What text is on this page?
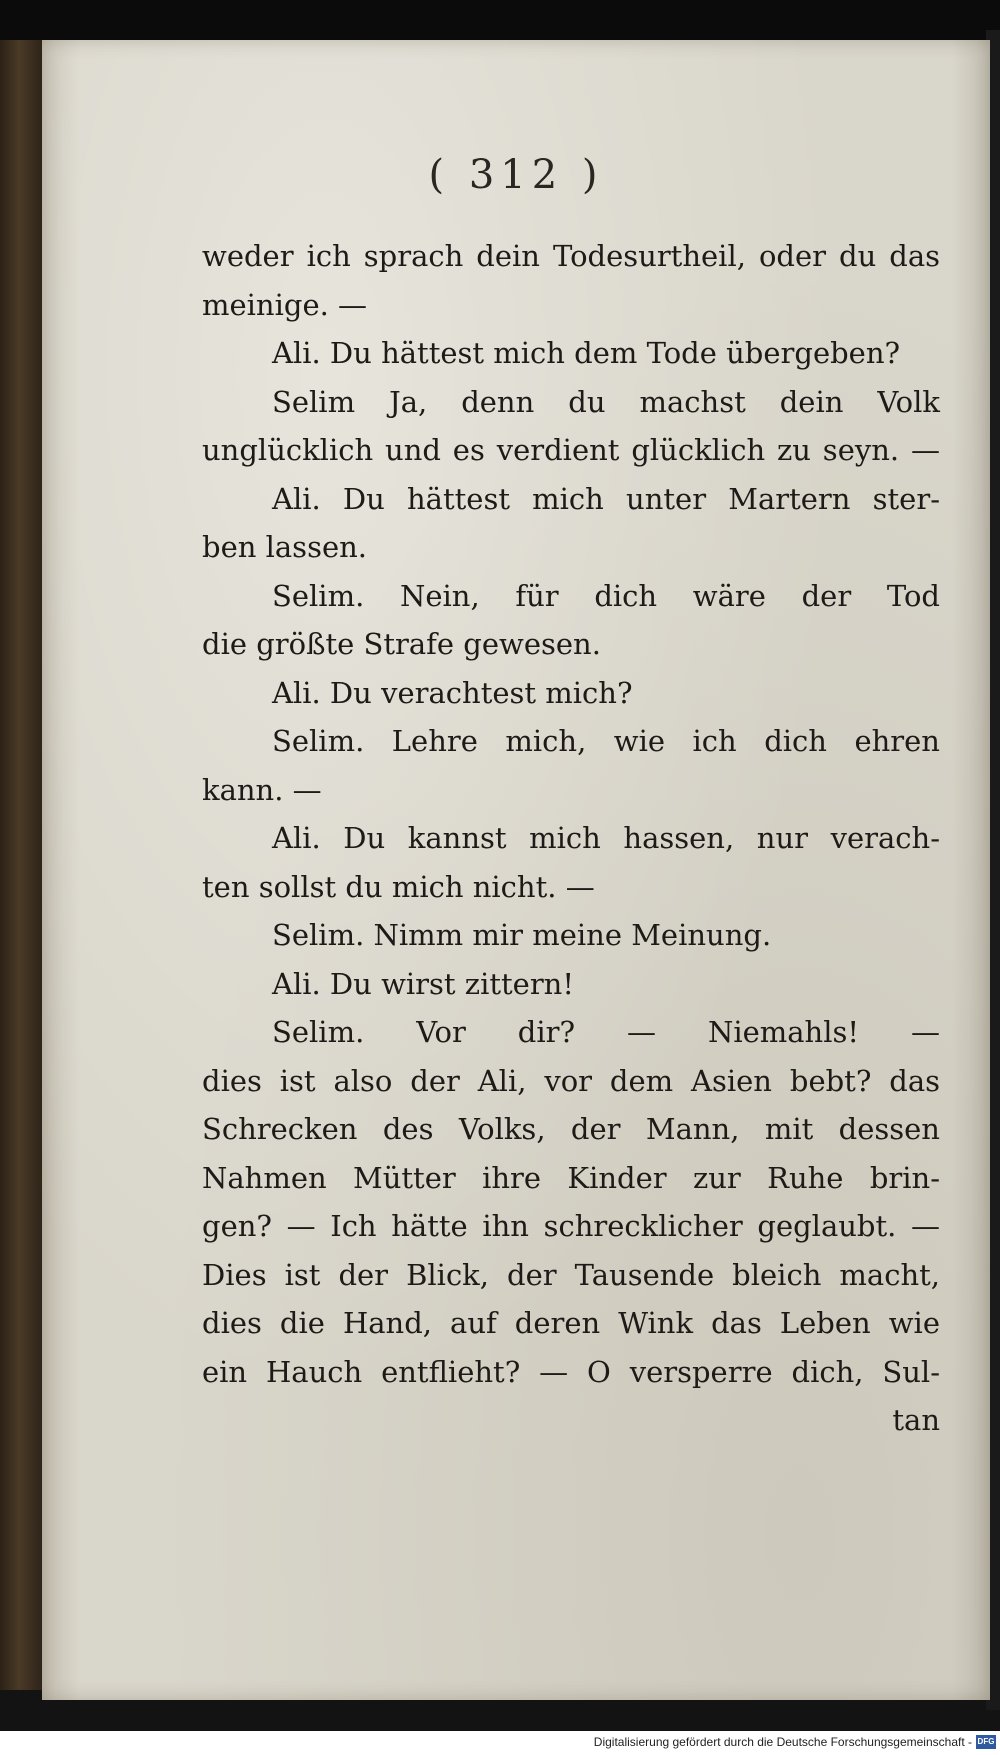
( 312 )
weder ich sprach dein Todesurtheil, oder du das
meinige. —
Ali. Du hättest mich dem Tode übergeben?
Selim Ja, denn du machst dein Volk
unglücklich und es verdient glücklich zu seyn. —
Ali. Du hättest mich unter Martern ster-
ben lassen.
Selim. Nein, für dich wäre der Tod
die größte Strafe gewesen.
Ali. Du verachtest mich?
Selim. Lehre mich, wie ich dich ehren
kann. —
Ali. Du kannst mich hassen, nur verach-
ten sollst du mich nicht. —
Selim. Nimm mir meine Meinung.
Ali. Du wirst zittern!
Selim. Vor dir? — Niemahls! —
dies ist also der Ali, vor dem Asien bebt? das
Schrecken des Volks, der Mann, mit dessen
Nahmen Mütter ihre Kinder zur Ruhe brin-
gen? — Ich hätte ihn schrecklicher geglaubt. —
Dies ist der Blick, der Tausende bleich macht,
dies die Hand, auf deren Wink das Leben wie
ein Hauch entflieht? — O versperre dich, Sul-
tan
Digitalisierung gefördert durch die Deutsche Forschungsgemeinschaft - DFG
